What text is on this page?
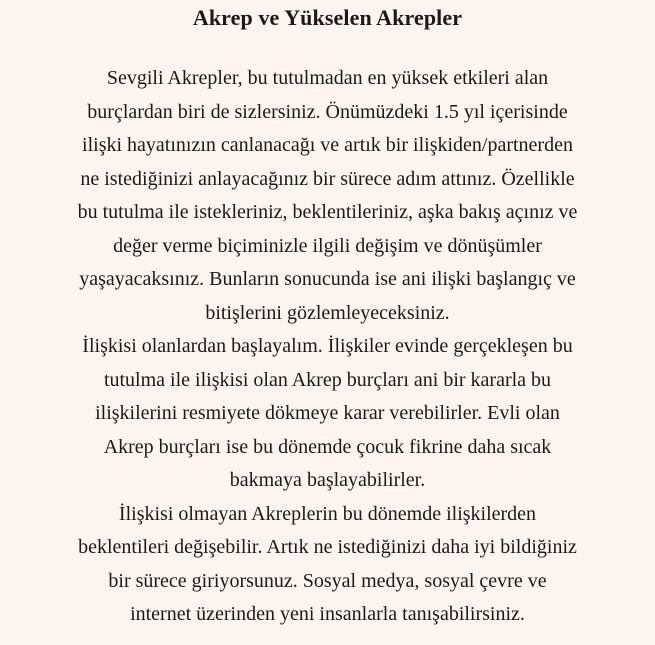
Akrep ve Yükselen Akrepler

Sevgili Akrepler, bu tutulmadan en yüksek etkileri alan
burçlardan biri de sizlersiniz. Önümüzdeki 1.5 yıl içerisinde
ilişki hayatınızın canlanacağı ve artık bir ilişkiden/partnerden
ne istediğinizi anlayacağınız bir sürece adım attınız. Özellikle
bu tutulma ile istekleriniz, beklentileriniz, aşka bakış açınız ve
değer verme biçiminizle ilgili değişim ve dönüşümler
yaşayacaksınız. Bunların sonucunda ise ani ilişki başlangıç ve
bitişlerini gözlemleyeceksiniz.

İlişkisi olanlardan başlayalım. İlişkiler evinde gerçekleşen bu
tutulma ile ilişkisi olan Akrep burçları ani bir kararla bu
ilişkilerini resmiyete dökmeye karar verebilirler. Evli olan
Akrep burçları ise bu dönemde çocuk fikrine daha sıcak
bakmaya başlayabilirler.

İlişkisi olmayan Akreplerin bu dönemde ilişkilerden
beklentileri değişebilir. Artık ne istediğinizi daha iyi bildiğiniz
bir sürece giriyorsunuz. Sosyal medya, sosyal çevre ve
internet üzerinden yeni insanlarla tanışabilirsiniz.
